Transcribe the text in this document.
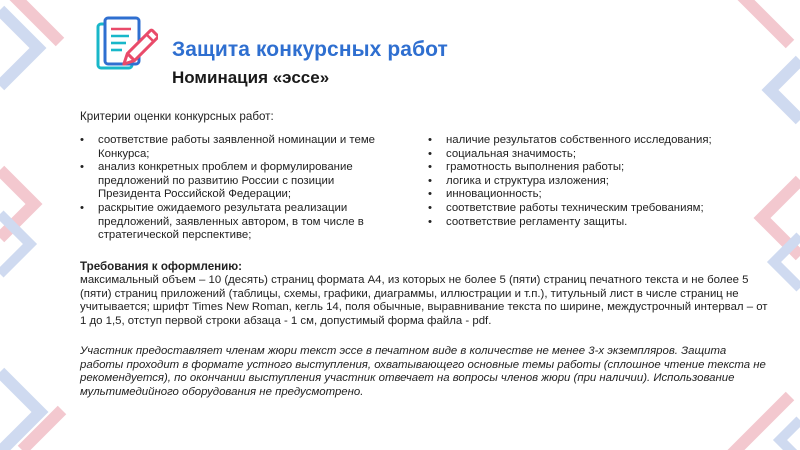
Защита конкурсных работ
Номинация «эссе»

Критерии оценки конкурсных работ:

• соответствие работы заявленной номинации и теме Конкурса;
• анализ конкретных проблем и формулирование предложений по развитию России с позиции Президента Российской Федерации;
• раскрытие ожидаемого результата реализации предложений, заявленных автором, в том числе в стратегической перспективе;
• наличие результатов собственного исследования;
• социальная значимость;
• грамотность выполнения работы;
• логика и структура изложения;
• инновационность;
• соответствие работы техническим требованиям;
• соответствие регламенту защиты.

Требования к оформлению:

максимальный объем – 10 (десять) страниц формата А4, из которых не более 5 (пяти) страниц печатного текста и не более 5 (пяти) страниц приложений (таблицы, схемы, графики, диаграммы, иллюстрации и т.п.), титульный лист в числе страниц не учитывается; шрифт Times New Roman, кегль 14, поля обычные, выравнивание текста по ширине, междустрочный интервал – от 1 до 1,5, отступ первой строки абзаца - 1 см, допустимый форма файла - pdf.

Участник предоставляет членам жюри текст эссе в печатном виде в количестве не менее 3-х экземпляров. Защита работы проходит в формате устного выступления, охватывающего основные темы работы (сплошное чтение текста не рекомендуется), по окончании выступления участник отвечает на вопросы членов жюри (при наличии). Использование мультимедийного оборудования не предусмотрено.
